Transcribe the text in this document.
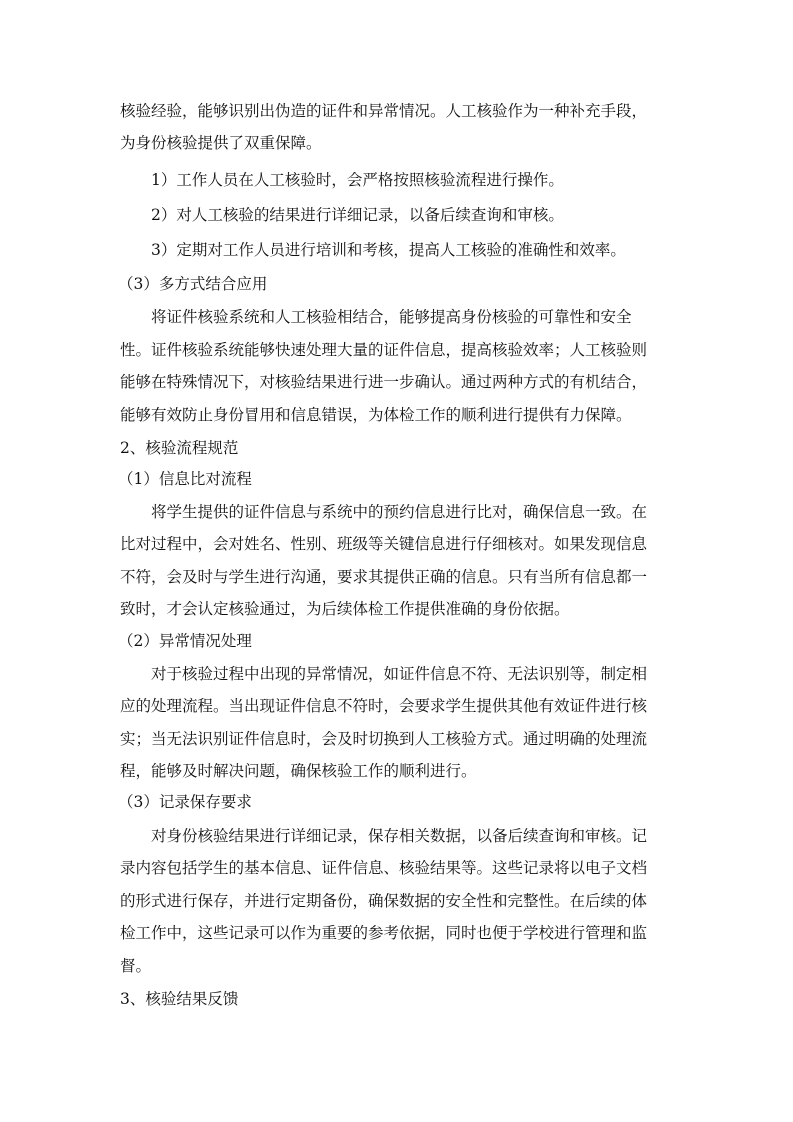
核验经验，能够识别出伪造的证件和异常情况。人工核验作为一种补充手段，
为身份核验提供了双重保障。
1）工作人员在人工核验时，会严格按照核验流程进行操作。
2）对人工核验的结果进行详细记录，以备后续查询和审核。
3）定期对工作人员进行培训和考核，提高人工核验的准确性和效率。
（3）多方式结合应用
将证件核验系统和人工核验相结合，能够提高身份核验的可靠性和安全
性。证件核验系统能够快速处理大量的证件信息，提高核验效率；人工核验则
能够在特殊情况下，对核验结果进行进一步确认。通过两种方式的有机结合，
能够有效防止身份冒用和信息错误，为体检工作的顺利进行提供有力保障。
2、核验流程规范
（1）信息比对流程
将学生提供的证件信息与系统中的预约信息进行比对，确保信息一致。在
比对过程中，会对姓名、性别、班级等关键信息进行仔细核对。如果发现信息
不符，会及时与学生进行沟通，要求其提供正确的信息。只有当所有信息都一
致时，才会认定核验通过，为后续体检工作提供准确的身份依据。
（2）异常情况处理
对于核验过程中出现的异常情况，如证件信息不符、无法识别等，制定相
应的处理流程。当出现证件信息不符时，会要求学生提供其他有效证件进行核
实；当无法识别证件信息时，会及时切换到人工核验方式。通过明确的处理流
程，能够及时解决问题，确保核验工作的顺利进行。
（3）记录保存要求
对身份核验结果进行详细记录，保存相关数据，以备后续查询和审核。记
录内容包括学生的基本信息、证件信息、核验结果等。这些记录将以电子文档
的形式进行保存，并进行定期备份，确保数据的安全性和完整性。在后续的体
检工作中，这些记录可以作为重要的参考依据，同时也便于学校进行管理和监
督。
3、核验结果反馈
